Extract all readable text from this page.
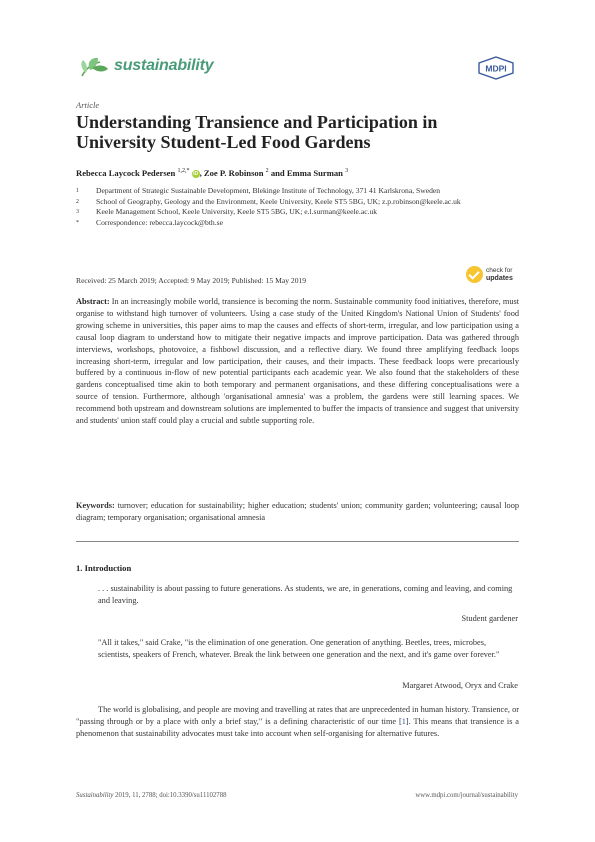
sustainability	MDPI
Article
Understanding Transience and Participation in University Student-Led Food Gardens
Rebecca Laycock Pedersen $^{1,2,*}$ iD , Zoe P. Robinson $^2$ and Emma Surman $^3$
1	Department of Strategic Sustainable Development, Blekinge Institute of Technology, 371 41 Karlskrona, Sweden
2	School of Geography, Geology and the Environment, Keele University, Keele ST5 5BG, UK; z.p.robinson@keele.ac.uk
3	Keele Management School, Keele University, Keele ST5 5BG, UK; e.l.surman@keele.ac.uk
*	Correspondence: rebecca.laycock@bth.se
Received: 25 March 2019; Accepted: 9 May 2019; Published: 15 May 2019
check for
updates
Abstract: In an increasingly mobile world, transience is becoming the norm. Sustainable community food initiatives, therefore, must organise to withstand high turnover of volunteers. Using a case study of the United Kingdom's National Union of Students' food growing scheme in universities, this paper aims to map the causes and effects of short-term, irregular, and low participation using a causal loop diagram to understand how to mitigate their negative impacts and improve participation. Data was gathered through interviews, workshops, photovoice, a fishbowl discussion, and a reflective diary. We found three amplifying feedback loops increasing short-term, irregular and low participation, their causes, and their impacts. These feedback loops were precariously buffered by a continuous in-flow of new potential participants each academic year. We also found that the stakeholders of these gardens conceptualised time akin to both temporary and permanent organisations, and these differing conceptualisations were a source of tension. Furthermore, although 'organisational amnesia' was a problem, the gardens were still learning spaces. We recommend both upstream and downstream solutions are implemented to buffer the impacts of transience and suggest that university and students' union staff could play a crucial and subtle supporting role.
Keywords: turnover; education for sustainability; higher education; students' union; community garden; volunteering; causal loop diagram; temporary organisation; organisational amnesia
1. Introduction
. . . sustainability is about passing to future generations. As students, we are, in generations, coming and leaving, and coming and leaving.
Student gardener
"All it takes," said Crake, "is the elimination of one generation. One generation of anything. Beetles, trees, microbes, scientists, speakers of French, whatever. Break the link between one generation and the next, and it's game over forever."
Margaret Atwood, Oryx and Crake
The world is globalising, and people are moving and travelling at rates that are unprecedented in human history. Transience, or "passing through or by a place with only a brief stay," is a defining characteristic of our time [1]. This means that transience is a phenomenon that sustainability advocates must take into account when self-organising for alternative futures.
Sustainability 2019, 11, 2788; doi:10.3390/su11102788	www.mdpi.com/journal/sustainability
